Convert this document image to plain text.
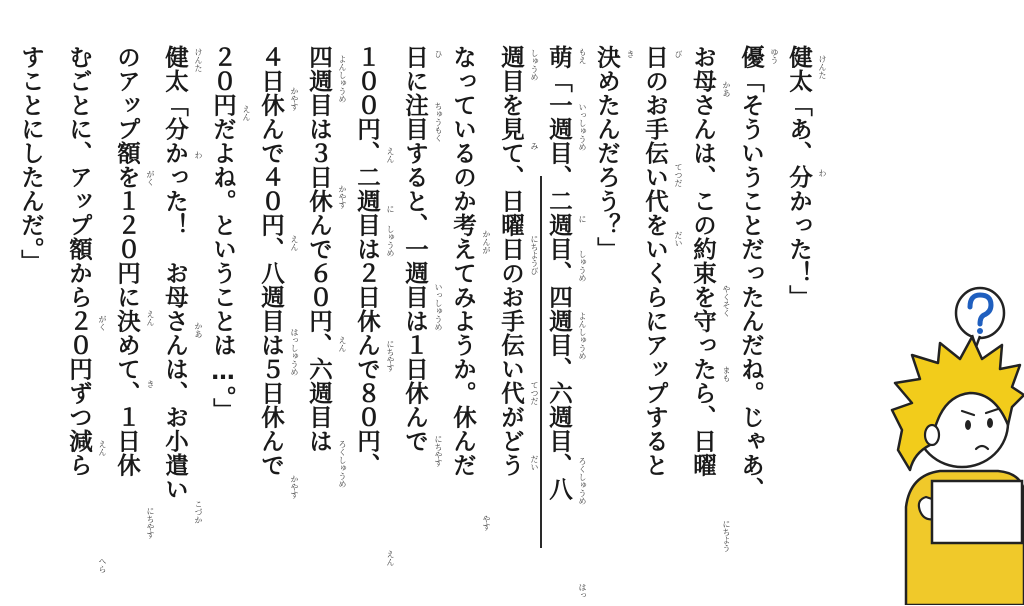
健太「あ、分かった！」 けんた
わ
優「そういうことだったんだね。じゃあ、 ゆう
お母さんは、この約束を守ったら、日曜 かあ
やくそく
まも
にちよう
日のお手伝い代をいくらにアップすると び
てつだ
だい
決めたんだろう？」 き
萌「一週目、二週目、四週目、六週目、八 もえ
いっしゅうめ
に
しゅうめ
よんしゅうめ
ろくしゅうめ
はっ
週目を見て、日曜日のお手伝い代がどう しゅうめ
み
にちようび
てつだ
だい
なっているのか考えてみようか。休んだ かんが
やす
日に注目すると、一週目は１日休んで ひ
ちゅうもく
いっしゅうめ
にちやす
１００円、二週目は２日休んで８０円、 えん
に
しゅうめ
にちやす
えん
四週目は３日休んで６０円、六週目は よんしゅうめ
かやす
えん
ろくしゅうめ
４日休んで４０円、八週目は５日休んで かやす
えん
はっしゅうめ
かやす
２０円だよね。ということは…。」 えん
健太「分かった！　お母さんは、お小遣い けんた
わ
かあ
こづか
のアップ額を１２０円に決めて、１日休 がく
えん
き
にちやす
むごとに、アップ額から２０円ずつ減ら がく
えん
へら
すことにしたんだ。」
